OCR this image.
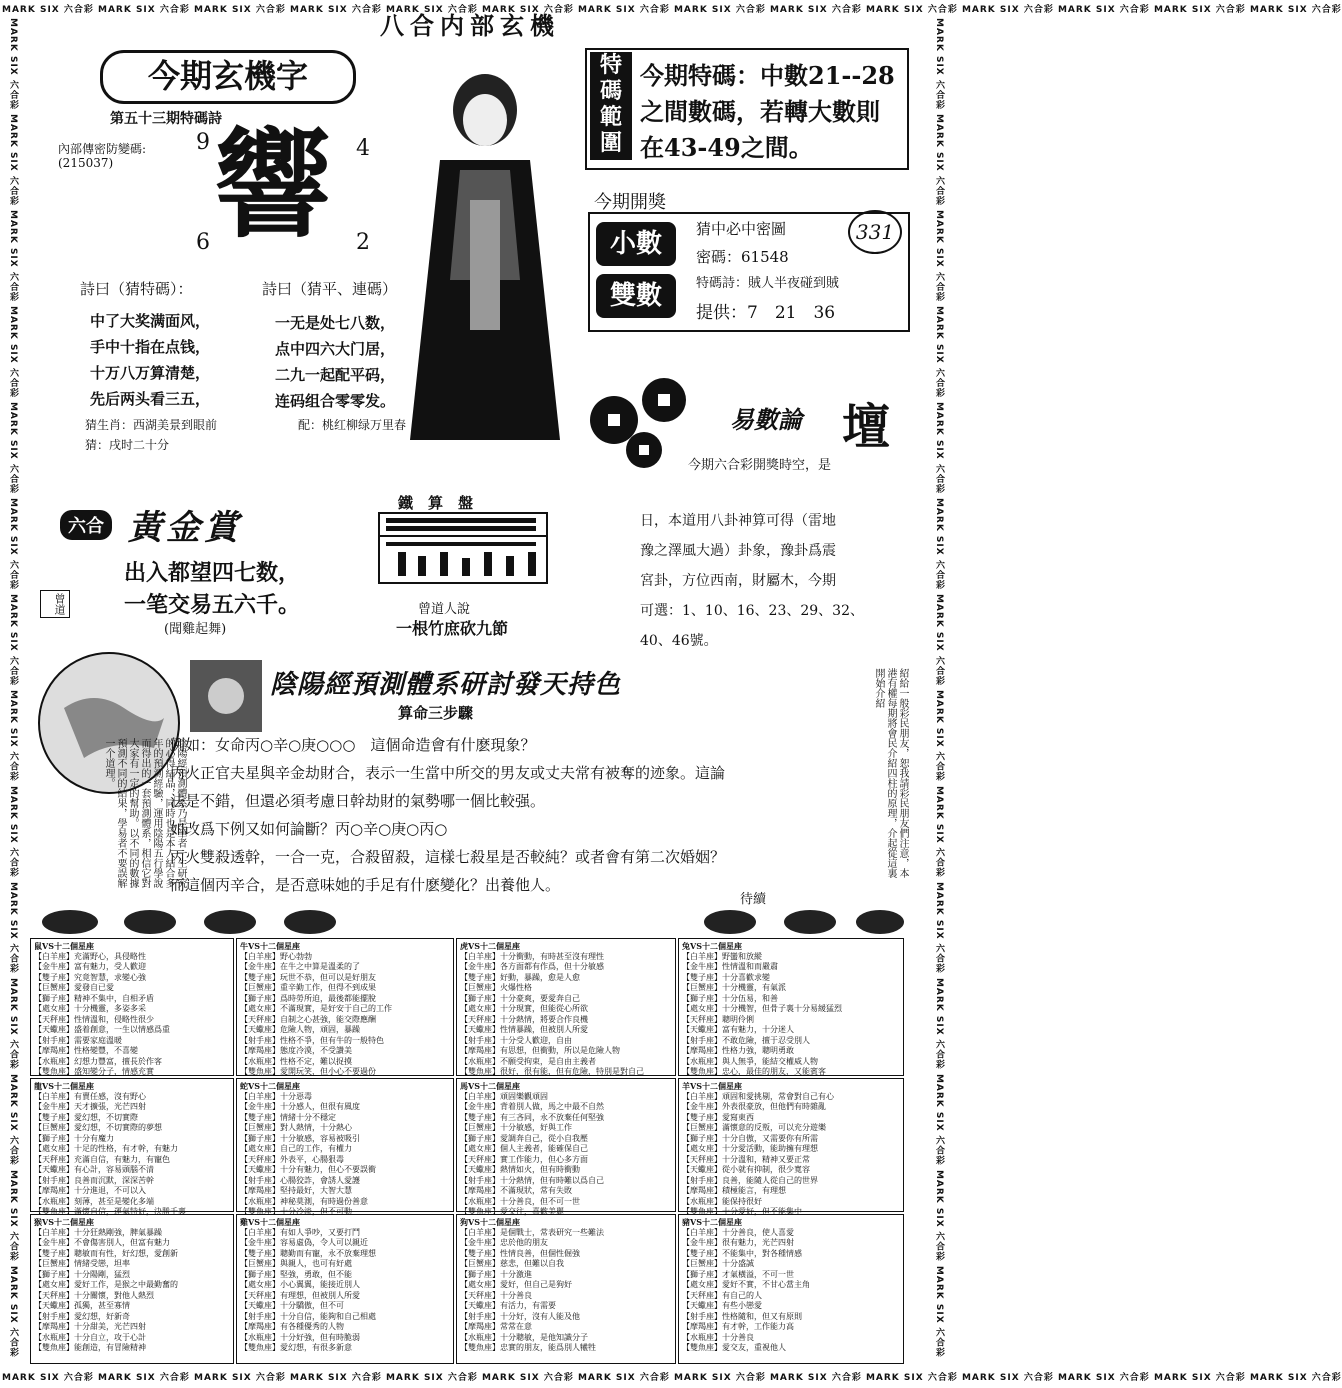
MARK SIX 六合彩 MARK SIX 六合彩 MARK SIX 六合彩 MARK SIX 六合彩 MARK SIX 六合彩 MARK SIX 六合彩 MARK SIX 六合彩 MARK SIX 六合彩 MARK SIX 六合彩 MARK SIX 六合彩 MARK SIX 六合彩 MARK SIX 六合彩 MARK SIX 六合彩 MARK SIX 六合彩
MARK SIX 六合彩 MARK SIX 六合彩 MARK SIX 六合彩 MARK SIX 六合彩 MARK SIX 六合彩 MARK SIX 六合彩 MARK SIX 六合彩 MARK SIX 六合彩 MARK SIX 六合彩 MARK SIX 六合彩 MARK SIX 六合彩 MARK SIX 六合彩 MARK SIX 六合彩 MARK SIX 六合彩
MARK SIX 六合彩 MARK SIX 六合彩 MARK SIX 六合彩 MARK SIX 六合彩 MARK SIX 六合彩 MARK SIX 六合彩 MARK SIX 六合彩 MARK SIX 六合彩 MARK SIX 六合彩 MARK SIX 六合彩 MARK SIX 六合彩 MARK SIX 六合彩 MARK SIX 六合彩 MARK SIX 六合彩	MARK SIX 六合彩 MARK SIX 六合彩 MARK SIX 六合彩 MARK SIX 六合彩 MARK SIX 六合彩 MARK SIX 六合彩 MARK SIX 六合彩 MARK SIX 六合彩 MARK SIX 六合彩 MARK SIX 六合彩 MARK SIX 六合彩 MARK SIX 六合彩 MARK SIX 六合彩 MARK SIX 六合彩
八合内部玄機
今期玄機字
第五十三期特碼詩
內部傳密防變碼:
(215037) 響
9	4
6	2
詩曰（猜特碼）：	詩曰（猜平、連碼）
中了大奖满面风，
手中十指在点钱，
十万八万算清楚，
先后两头看三五，
一无是处七八数，
点中四六大门居，
二九一起配平码，
连码组合零零发。
猜生肖：西湖美景到眼前	配：桃红柳绿万里春
猜：戌时二十分
特
碼
範
圍
今期特碼：中數21--28
之間數碼，若轉大數則
在43-49之間。
今期開獎
小數
雙數
猜中必中密圖	331
密碼：61548
特碼詩：賊人半夜碰到賊
提供：7　21　36
易數論 壇
今期六合彩開獎時空，是
日，本道用八卦神算可得（雷地
豫之澤風大過）卦象，豫卦爲震
宮卦，方位西南，財屬木，今期
可選：1、10、16、23、29、32、
40、46號。
六合 黃金賞
出入都望四七数，
一笔交易五六千。
(聞雞起舞)
曾道
鐵　算　盤
曾道人說
一根竹庶砍九節
陰陽經預測體系研討發天持色
算命三步驟
陰陽經預測體系乃是筆者一生研究的心得結晶，同時也是本人結合多年的預測經驗，運用陰陽五行學說而得出的一套預測體系，相信它對大家有一定的幫助。以不同的數據預測不同的結果，學易者不要誤解一个道理。	例如：女命丙○辛○庚○○○　這個命造會有什麽現象？
丙火正官夫星與辛金劫財合，表示一生當中所交的男友或丈夫常有被奪的迹象。這論
法是不錯，但還必須考慮日幹劫財的氣勢哪一個比較强。
如改爲下例又如何論斷？丙○辛○庚○丙○
丙火雙殺透幹，一合一克，合殺留殺，這樣七殺星是否較純？或者會有第二次婚姻？
而這個丙辛合，是否意味她的手足有什麽變化？出養他人。
紹給一般彩民朋友，恕我請彩民朋友們注意，本港有權每期將會民介紹四柱的原理，介起從這裏開始介紹
待續
鼠VS十二個星座
【白羊座】充滿野心，具侵略性
【金牛座】富有魅力，受人歡迎
【雙子座】究竟智慧，求變心強
【巨蟹座】愛發自已愛
【獅子座】精神不集中，自相矛盾
【處女座】十分機靈，多姿多采
【天秤座】性情溫和，侵略性很少
【天蠍座】盛着創意，一生以情感爲重
【射手座】需要家庭溫暖
【摩羯座】性格變豐，不喜變
【水瓶座】幻想力豐富，擅長於作客
【雙魚座】盛知變分子，情感充實
牛VS十二個星座
【白羊座】野心勃勃
【金牛座】在牛之中算是溫柔的了
【雙子座】玩世不恭，但可以是好朋友
【巨蟹座】重辛勤工作，但得不到成果
【獅子座】爲時勞所迫，最後都能擺脫
【處女座】不滿現實，是好安于自己的工作
【天秤座】自制之心甚強，能交際應酬
【天蠍座】危險人物，頑固，暴躁
【射手座】性格不爭，但有牛的一般特色
【摩羯座】態度冷漠，不受讚美
【水瓶座】性格不定，難以捉摸
【雙魚座】愛開玩笑，但小心不要過份
虎VS十二個星座
【白羊座】十分衝動，有時甚至沒有理性
【金牛座】各方面都有作爲，但十分敏感
【雙子座】好動，暴躁，愈是人愈
【巨蟹座】火爆性格
【獅子座】十分豪爽，要愛奔自己
【處女座】十分現實，但能從心所欲
【天秤座】十分熱情，將要合作良機
【天蠍座】性情暴躁，但被別人所愛
【射手座】十分受人歡迎，自由
【摩羯座】有思想，但衝動，所以是危險人物
【水瓶座】不願受拘束，是自由主義者
【雙魚座】很好，很有能，但有危險，特別是對自己
兔VS十二個星座
【白羊座】野蠻和放縱
【金牛座】性情溫和而嚴肅
【雙子座】十分喜歡求變
【巨蟹座】十分機靈，有氣派
【獅子座】十分伍易，和善
【處女座】十分機智，但骨子裏十分易緩猛烈
【天秤座】聰明伶俐
【天蠍座】富有魅力，十分迷人
【射手座】不敢危險，擅于忍受別人
【摩羯座】性格力強，聰明勇敢
【水瓶座】與人無爭，能結交權威人物
【雙魚座】忠心，最佳的朋友，又能賓客
龍VS十二個星座
【白羊座】有賣任感，沒有野心
【金牛座】天才擴張，光芒四射
【雙子座】愛幻想，不切實際
【巨蟹座】愛幻想，不切實際的夢想
【獅子座】十分有魔力
【處女座】十足的性格，有才幹，有魅力
【天秤座】充滿自信，有魅力，有寵色
【天蠍座】有心計，容易頭腦不清
【射手座】良善而沉默，深深苦幹
【摩羯座】十分進退，不可以入
【水瓶座】刻薄，甚至是變化多端
【雙魚座】滿懷自信，運氣特好，決勝千裏
蛇VS十二個星座
【白羊座】十分惡毒
【金牛座】十分感人，但很有風度
【雙子座】情緒十分不穩定
【巨蟹座】對人熱情，十分熱心
【獅子座】十分敏感，容易被吸引
【處女座】自己的工作，有權力
【天秤座】外表平，心腸狠毒
【天蠍座】十分有魅力，但心不要誤衝
【射手座】心腸狡詐，會誘人愛護
【摩羯座】堅持最好，大智大慧
【水瓶座】神秘莫測，有時過份善意
【雙魚座】十分冷淡，但不可動
馬VS十二個星座
【白羊座】頑固樂觀頑固
【金牛座】背着別人做，馬之中最不自然
【雙子座】有三吝同，永不放棄任何堅強
【巨蟹座】十分敏感，好與工作
【獅子座】愛調奔自己，從小自我壓
【處女座】個人主義者，能確保自己
【天秤座】實工作能力，但心多方面
【天蠍座】熱情如火，但有時衝動
【射手座】十分熱情，但有時難以爲自己
【摩羯座】不滿現狀，常有失敗
【水瓶座】十分善良，但不可一世
【雙魚座】愛交往，喜歡美麗
羊VS十二個星座
【白羊座】頑固和愛挑剔，常會對自己有心
【金牛座】外表很豪放，但他們有時雜亂
【雙子座】愛寫東西
【巨蟹座】滿懷意的反叛，可以充分遊樂
【獅子座】十分自傲，又需要你有所需
【處女座】十分愛活動，能助擁有理想
【天秤座】十分溫和，精神又要正常
【天蠍座】從小就有抑制，很少寬容
【射手座】良善，能隨人從自己的世界
【摩羯座】積極能言，有理想
【水瓶座】能保持很好
【雙魚座】十分愛好，但不能集中
猴VS十二個星座
【白羊座】十分狂熱剛強，脾氣暴躁
【金牛座】不會傷害別人，但富有魅力
【雙子座】聰敏而有性，好幻想，愛創新
【巨蟹座】情緒受戀，坦率
【獅子座】十分陽剛，猛烈
【處女座】愛好工作，是猴之中最勤奮的
【天秤座】十分關懷，對他人熱烈
【天蠍座】孤獨，甚至寡情
【射手座】愛幻想，好新奇
【摩羯座】十分甜美，光芒四射
【水瓶座】十分自立，攻于心計
【雙魚座】能創造，有冒險精神
雞VS十二個星座
【白羊座】有如人爭吵，又要打鬥
【金牛座】容易虛偽，令人可以親近
【雙子座】聰勤而有寵，永不放棄理想
【巨蟹座】與親人，也可有好處
【獅子座】堅強，勇敢，但不能
【處女座】小心翼翼，能接近別人
【天秤座】有理想，但被別人所愛
【天蠍座】十分驕傲，但不可
【射手座】十分自信，能夠和自己相處
【摩羯座】有各種優秀的人物
【水瓶座】十分好強，但有時脆弱
【雙魚座】愛幻想，有很多新意
狗VS十二個星座
【白羊座】是個戰士，常表研究一些難法
【金牛座】忠於他的朋友
【雙子座】性情良善，但個性倔強
【巨蟹座】慈悲，但難以自我
【獅子座】十分激進
【處女座】愛好，但自己是狗好
【天秤座】十分善良
【天蠍座】有活力，有需要
【射手座】十分好，沒有人能及他
【摩羯座】常常在意
【水瓶座】十分聰敏，是他知識分子
【雙魚座】忠實的朋友，能爲別人犧牲
豬VS十二個星座
【白羊座】十分善良，使人喜愛
【金牛座】很有魅力，光芒四射
【雙子座】不能集中，對各種情感
【巨蟹座】十分盛誠
【獅子座】才氣橫溢，不可一世
【處女座】愛好不實，不甘心當主角
【天秤座】有自己的人
【天蠍座】有些小戀愛
【射手座】性格隨和，但又有原則
【摩羯座】有才幹，工作能力高
【水瓶座】十分善良
【雙魚座】愛交友，重視他人
